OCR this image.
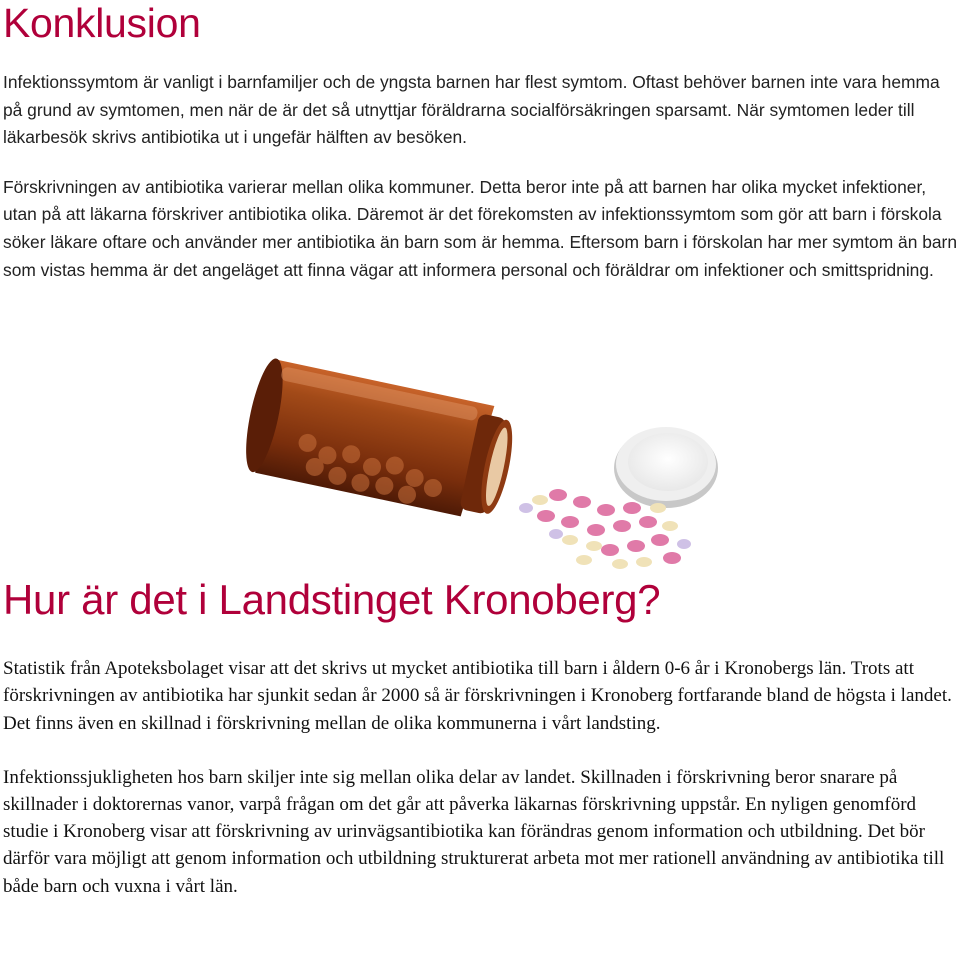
Konklusion

Infektionssymtom är vanligt i barnfamiljer och de yngsta barnen har flest symtom. Oftast behöver barnen inte vara hemma på grund av symtomen, men när de är det så utnyttjar föräldrarna socialförsäkringen sparsamt. När symtomen leder till läkarbesök skrivs antibiotika ut i ungefär hälften av besöken.

Förskrivningen av antibiotika varierar mellan olika kommuner. Detta beror inte på att barnen har olika mycket infektioner, utan på att läkarna förskriver antibiotika olika. Däremot är det förekomsten av infektionssymtom som gör att barn i förskola söker läkare oftare och använder mer antibiotika än barn som är hemma. Eftersom barn i förskolan har mer symtom än barn som vistas hemma är det angeläget att finna vägar att informera personal och föräldrar om infektioner och smittspridning.

Hur är det i Landstinget Kronoberg?

Statistik från Apoteksbolaget visar att det skrivs ut mycket antibiotika till barn i åldern 0-6 år i Kronobergs län. Trots att förskrivningen av antibiotika har sjunkit sedan år 2000 så är förskrivningen i Kronoberg fortfarande bland de högsta i landet. Det finns även en skillnad i förskrivning mellan de olika kommunerna i vårt landsting.

Infektionssjukligheten hos barn skiljer inte sig mellan olika delar av landet. Skillnaden i förskrivning beror snarare på skillnader i doktorernas vanor, varpå frågan om det går att påverka läkarnas förskrivning uppstår. En nyligen genomförd studie i Kronoberg visar att förskrivning av urinvägsantibiotika kan förändras genom information och utbildning. Det bör därför vara möjligt att genom information och utbildning strukturerat arbeta mot mer rationell användning av antibiotika till både barn och vuxna i vårt län.
